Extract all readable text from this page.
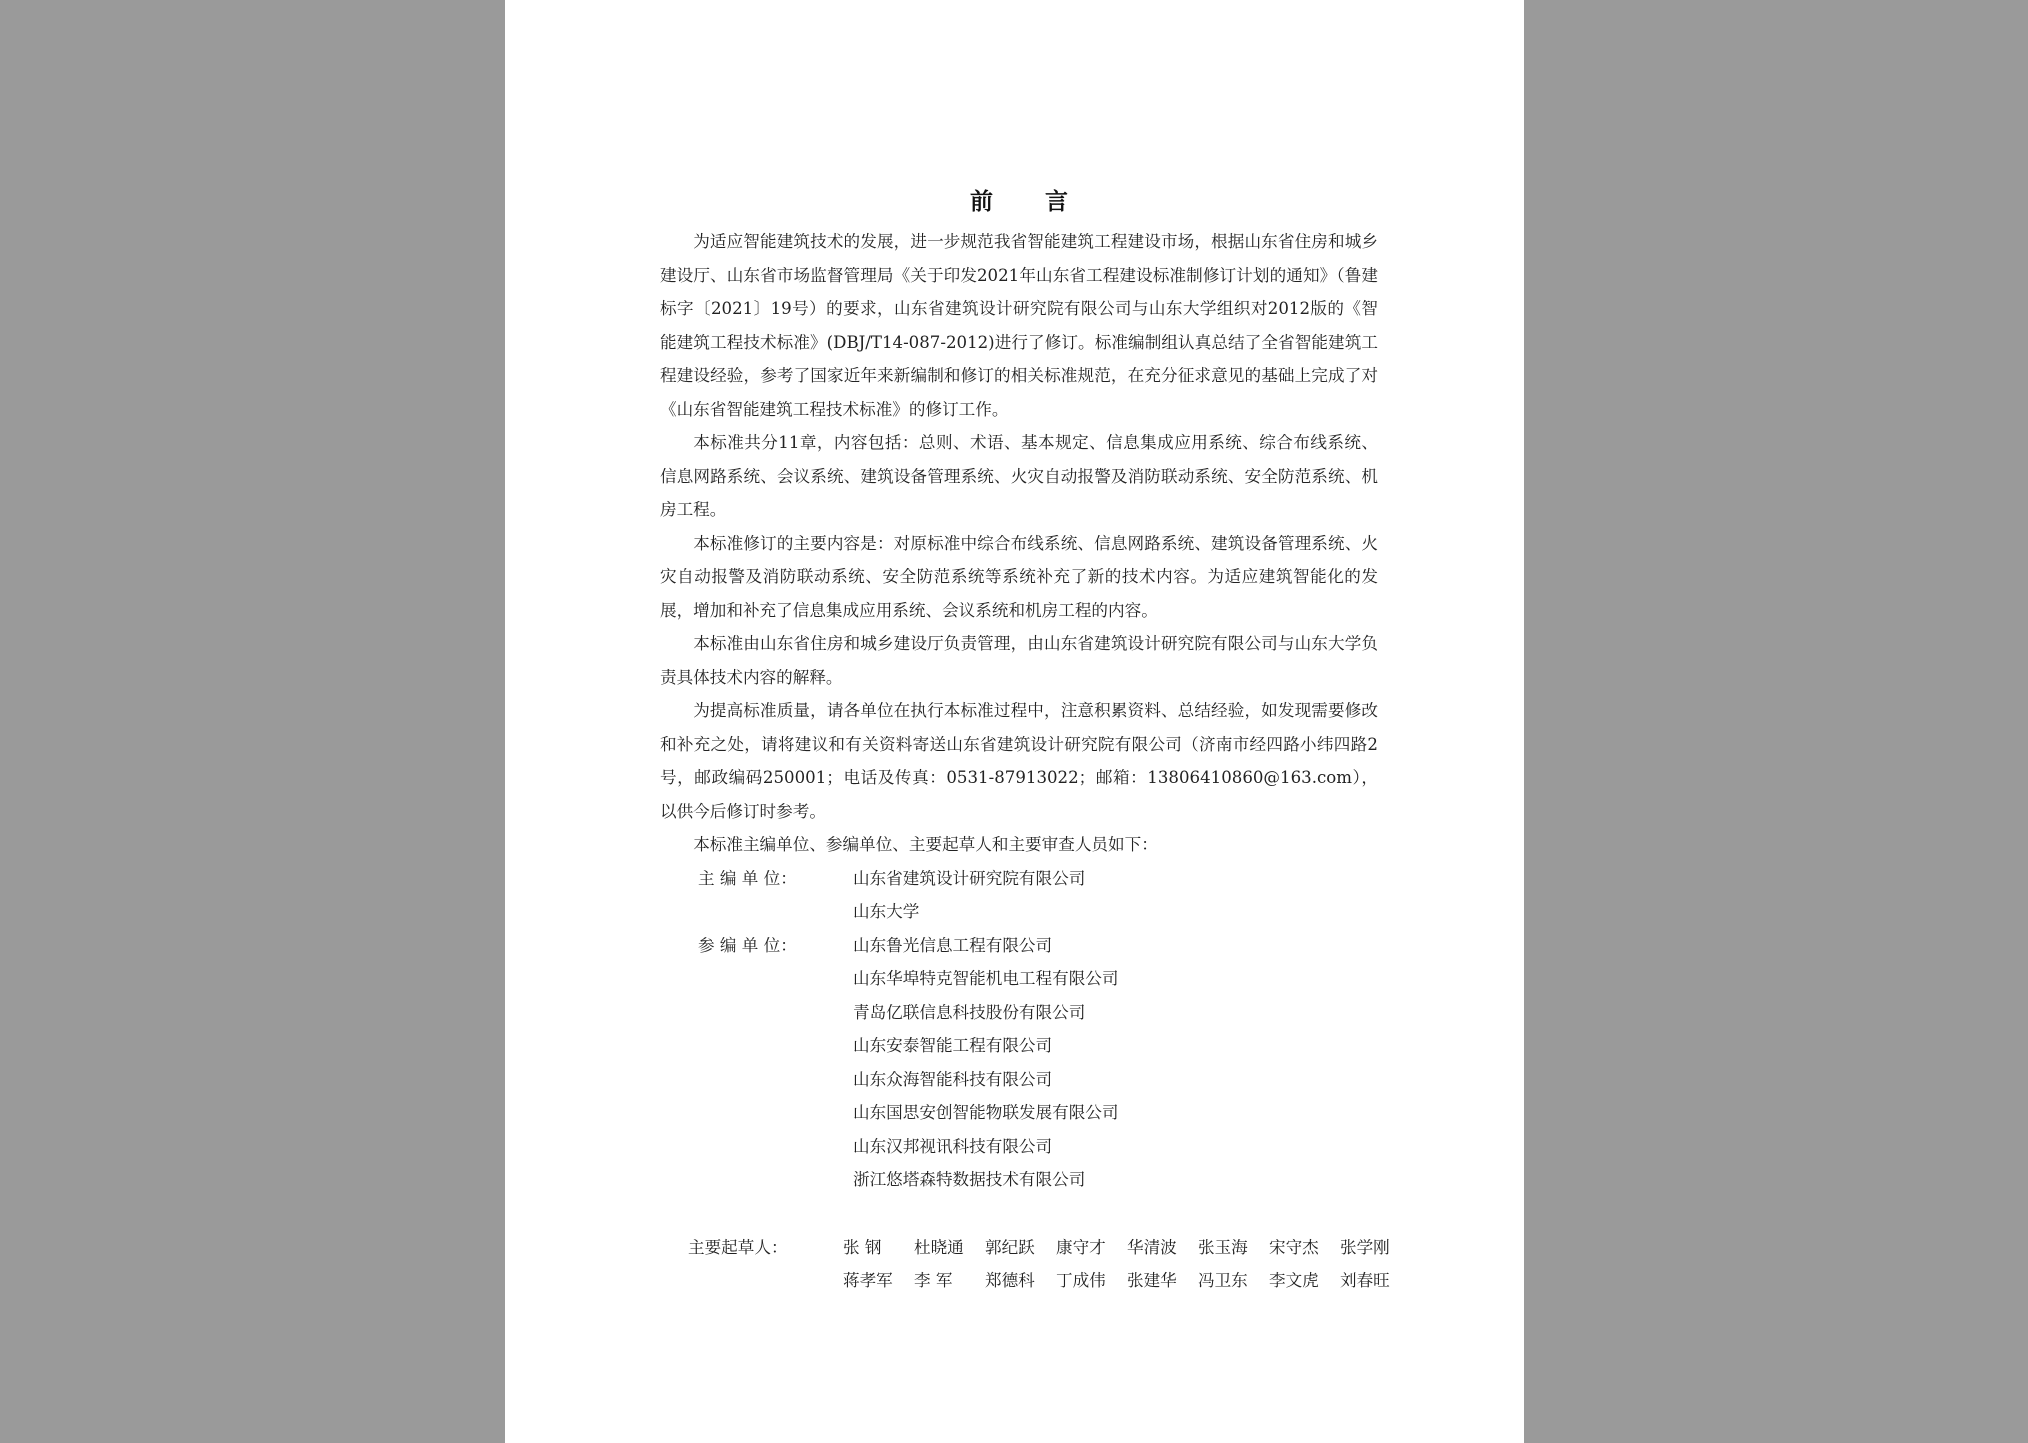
前言

为适应智能建筑技术的发展，进一步规范我省智能建筑工程建设市场，根据山东省住房和城乡建设厅、山东省市场监督管理局《关于印发2021年山东省工程建设标准制修订计划的通知》（鲁建标字〔2021〕19号）的要求，山东省建筑设计研究院有限公司与山东大学组织对2012版的《智能建筑工程技术标准》(DBJ/T14-087-2012)进行了修订。标准编制组认真总结了全省智能建筑工程建设经验，参考了国家近年来新编制和修订的相关标准规范，在充分征求意见的基础上完成了对《山东省智能建筑工程技术标准》的修订工作。

本标准共分11章，内容包括：总则、术语、基本规定、信息集成应用系统、综合布线系统、信息网路系统、会议系统、建筑设备管理系统、火灾自动报警及消防联动系统、安全防范系统、机房工程。

本标准修订的主要内容是：对原标准中综合布线系统、信息网路系统、建筑设备管理系统、火灾自动报警及消防联动系统、安全防范系统等系统补充了新的技术内容。为适应建筑智能化的发展，增加和补充了信息集成应用系统、会议系统和机房工程的内容。

本标准由山东省住房和城乡建设厅负责管理，由山东省建筑设计研究院有限公司与山东大学负责具体技术内容的解释。

为提高标准质量，请各单位在执行本标准过程中，注意积累资料、总结经验，如发现需要修改和补充之处，请将建议和有关资料寄送山东省建筑设计研究院有限公司（济南市经四路小纬四路2号，邮政编码250001；电话及传真：0531-87913022；邮箱：13806410860@163.com），以供今后修订时参考。

本标准主编单位、参编单位、主要起草人和主要审查人员如下：

主 编 单 位：	山东省建筑设计研究院有限公司
山东大学
参 编 单 位：	山东鲁光信息工程有限公司
山东华埠特克智能机电工程有限公司
青岛亿联信息科技股份有限公司
山东安泰智能工程有限公司
山东众海智能科技有限公司
山东国思安创智能物联发展有限公司
山东汉邦视讯科技有限公司
浙江悠塔森特数据技术有限公司
主要起草人：	张 钢	杜晓通	郭纪跃	康守才	华清波	张玉海	宋守杰	张学刚
蒋孝军	李 军	郑德科	丁成伟	张建华	冯卫东	李文虎	刘春旺
